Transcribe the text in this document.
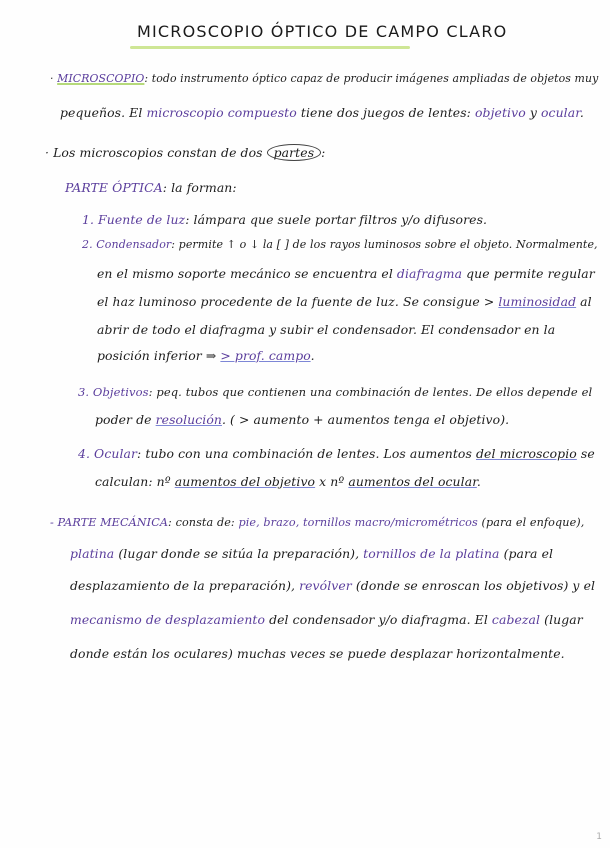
MICROSCOPIO ÓPTICO DE CAMPO CLARO
· MICROSCOPIO: todo instrumento óptico capaz de producir imágenes ampliadas de objetos muy
pequeños. El microscopio compuesto tiene dos juegos de lentes: objetivo y ocular.
· Los microscopios constan de dos partes :
PARTE ÓPTICA: la forman:
1. Fuente de luz: lámpara que suele portar filtros y/o difusores.
2. Condensador: permite ↑ o ↓ la [ ] de los rayos luminosos sobre el objeto. Normalmente,
en el mismo soporte mecánico se encuentra el diafragma que permite regular
el haz luminoso procedente de la fuente de luz. Se consigue > luminosidad al
abrir de todo el diafragma y subir el condensador. El condensador en la
posición inferior ⇒ > prof. campo.
3. Objetivos: peq. tubos que contienen una combinación de lentes. De ellos depende el
poder de resolución. ( > aumento + aumentos tenga el objetivo).
4. Ocular: tubo con una combinación de lentes. Los aumentos del microscopio se
calculan: nº aumentos del objetivo x nº aumentos del ocular.
- PARTE MECÁNICA: consta de: pie, brazo, tornillos macro/micrométricos (para el enfoque),
platina (lugar donde se sitúa la preparación), tornillos de la platina (para el
desplazamiento de la preparación), revólver (donde se enroscan los objetivos) y el
mecanismo de desplazamiento del condensador y/o diafragma. El cabezal (lugar
donde están los oculares) muchas veces se puede desplazar horizontalmente.
1
